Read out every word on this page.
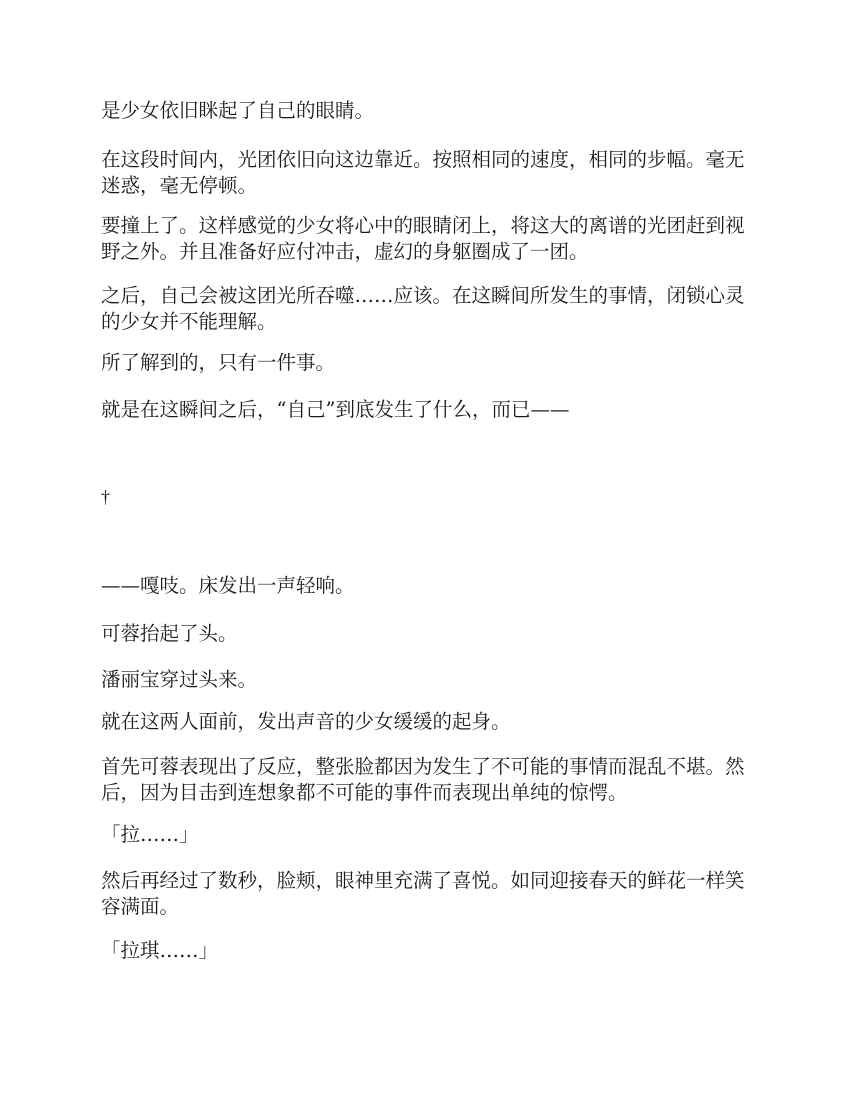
是少女依旧眯起了自己的眼睛。

在这段时间内，光团依旧向这边靠近。按照相同的速度，相同的步幅。毫无迷惑，毫无停顿。

要撞上了。这样感觉的少女将心中的眼睛闭上，将这大的离谱的光团赶到视野之外。并且准备好应付冲击，虚幻的身躯圈成了一团。

之后，自己会被这团光所吞噬……应该。在这瞬间所发生的事情，闭锁心灵的少女并不能理解。

所了解到的，只有一件事。

就是在这瞬间之后，“自己”到底发生了什么，而已——

†

——嘎吱。床发出一声轻响。

可蓉抬起了头。

潘丽宝穿过头来。

就在这两人面前，发出声音的少女缓缓的起身。

首先可蓉表现出了反应，整张脸都因为发生了不可能的事情而混乱不堪。然后，因为目击到连想象都不可能的事件而表现出单纯的惊愕。

「拉……」

然后再经过了数秒，脸颊，眼神里充满了喜悦。如同迎接春天的鲜花一样笑容满面。

「拉琪……」
